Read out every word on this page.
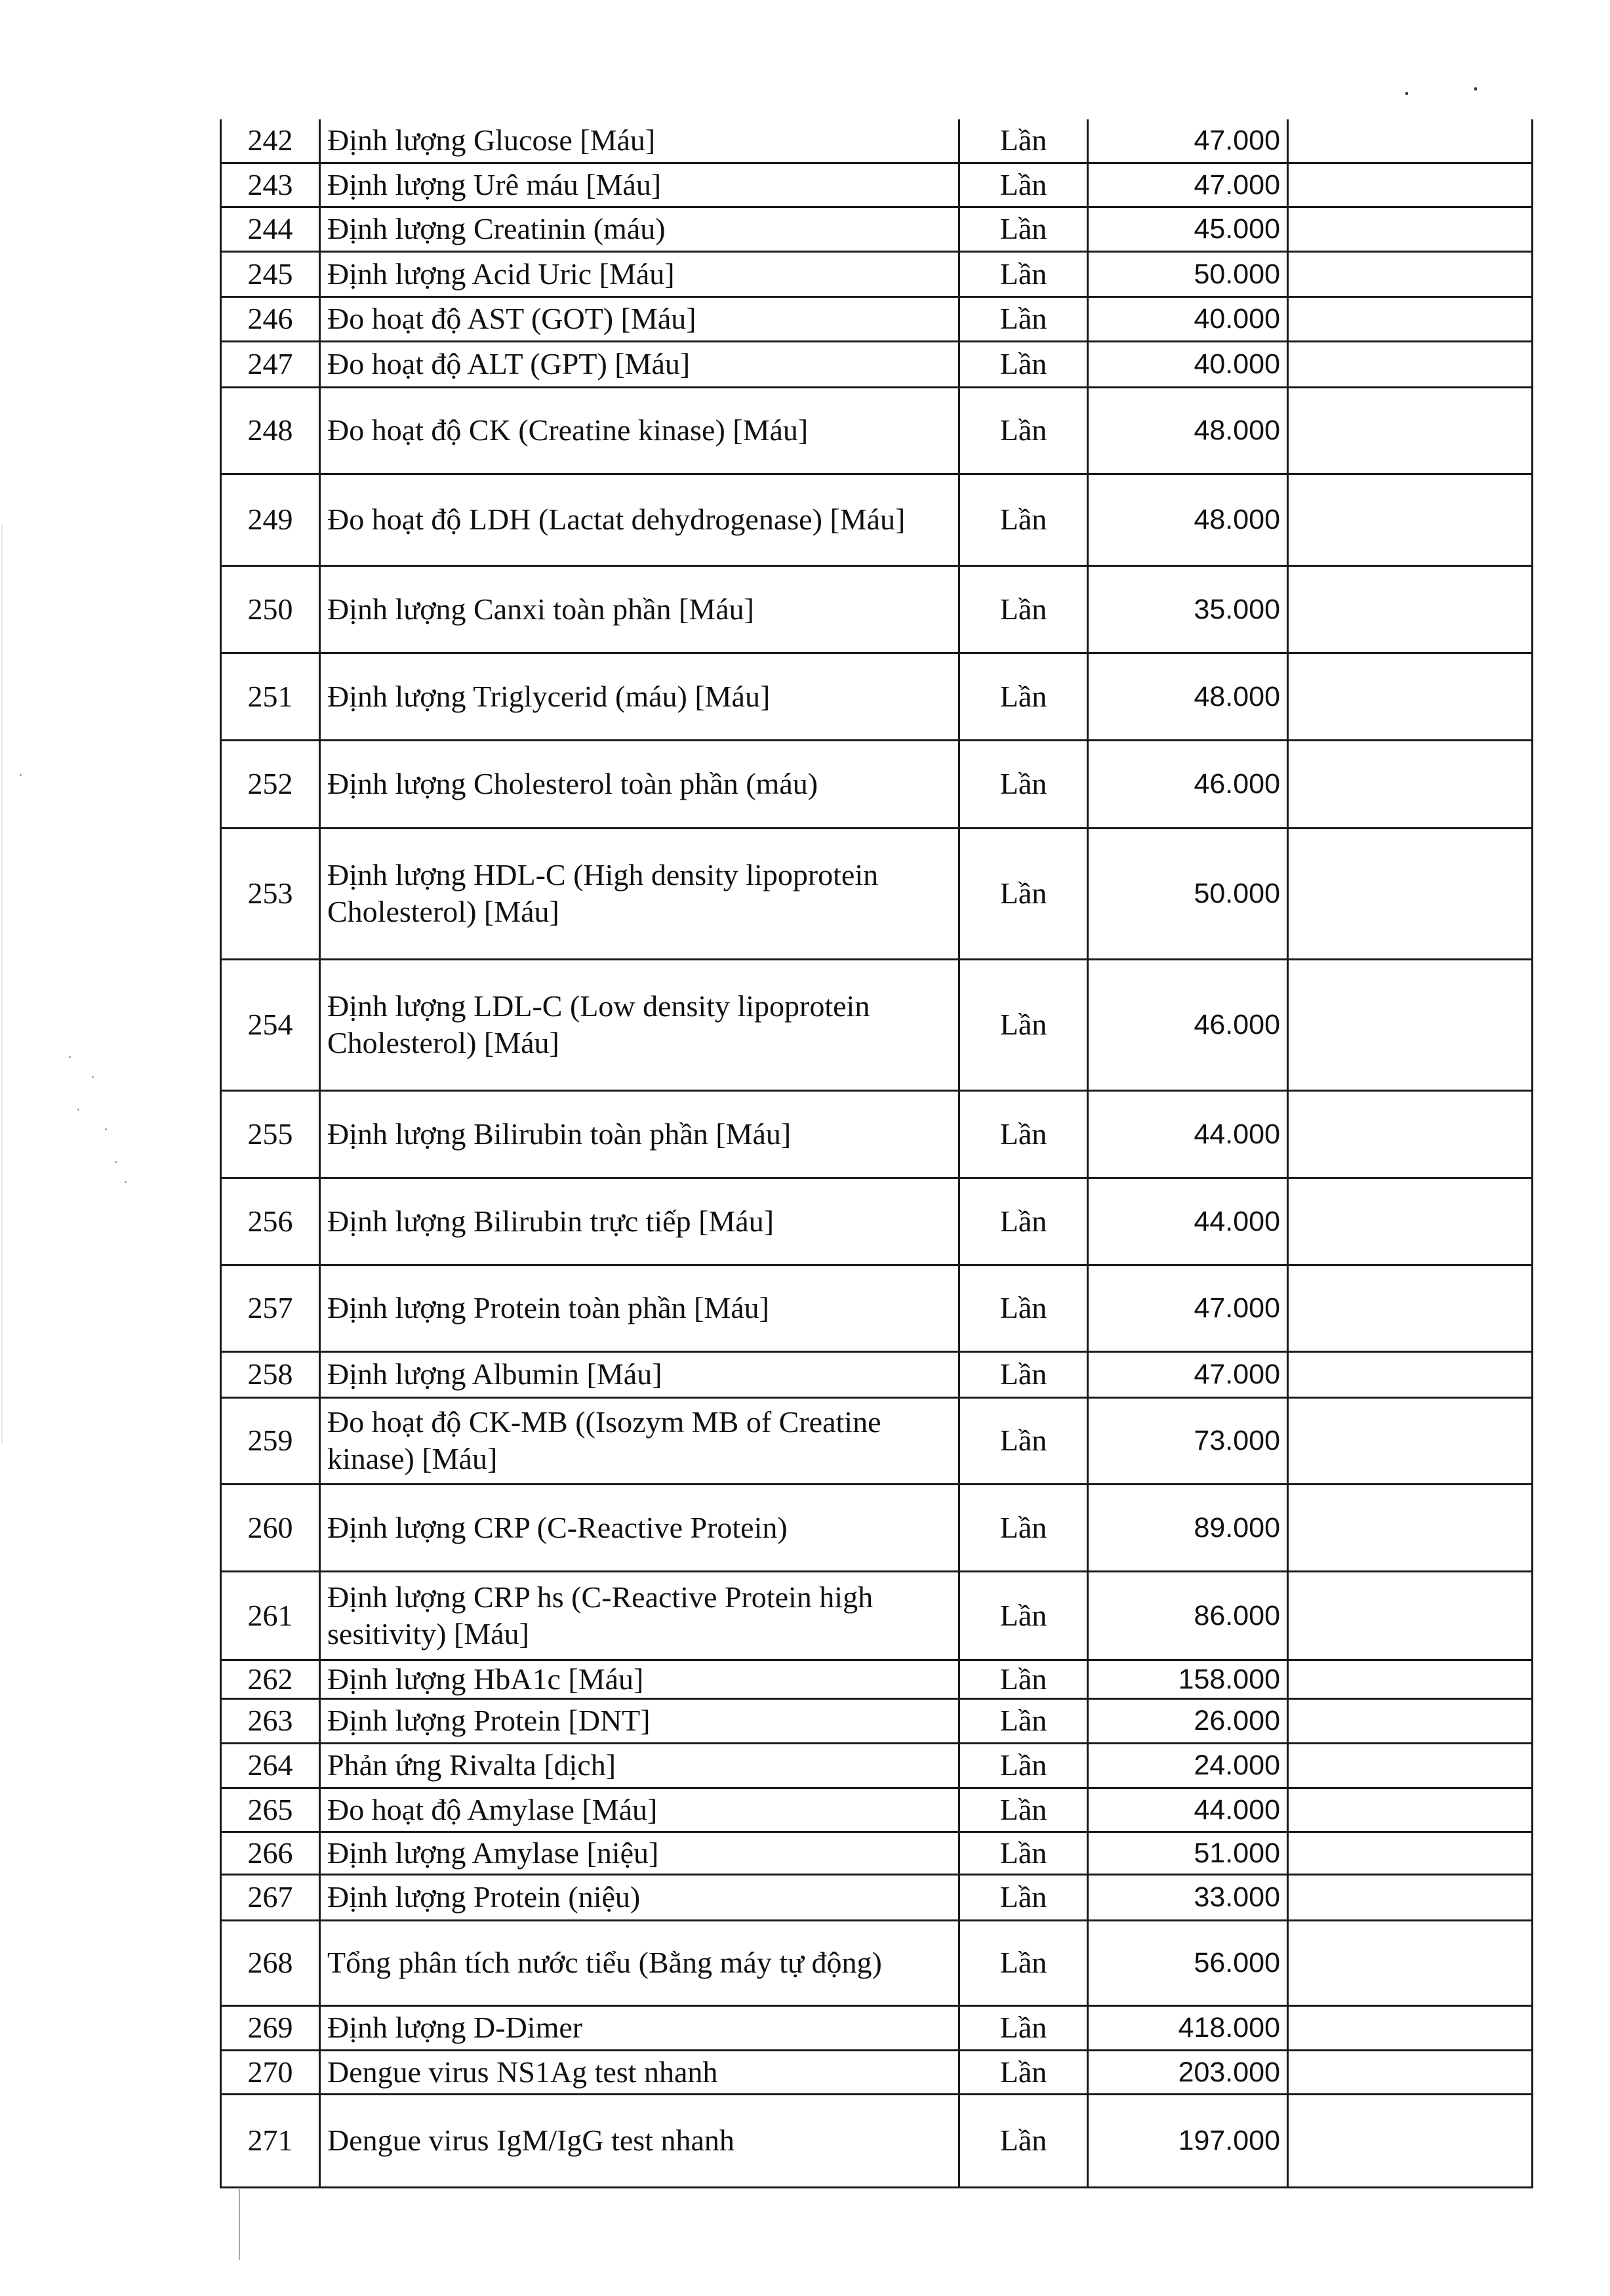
242	Định lượng Glucose [Máu]	Lần	47.000	
243	Định lượng Urê máu [Máu]	Lần	47.000	
244	Định lượng Creatinin (máu)	Lần	45.000	
245	Định lượng Acid Uric [Máu]	Lần	50.000	
246	Đo hoạt độ AST (GOT) [Máu]	Lần	40.000	
247	Đo hoạt độ ALT (GPT) [Máu]	Lần	40.000	
248	Đo hoạt độ CK (Creatine kinase) [Máu]	Lần	48.000	
249	Đo hoạt độ LDH (Lactat dehydrogenase) [Máu]	Lần	48.000	
250	Định lượng Canxi toàn phần [Máu]	Lần	35.000	
251	Định lượng Triglycerid (máu) [Máu]	Lần	48.000	
252	Định lượng Cholesterol toàn phần (máu)	Lần	46.000	
253	Định lượng HDL-C (High density lipoprotein Cholesterol) [Máu]	Lần	50.000	
254	Định lượng LDL-C (Low density lipoprotein Cholesterol) [Máu]	Lần	46.000	
255	Định lượng Bilirubin toàn phần [Máu]	Lần	44.000	
256	Định lượng Bilirubin trực tiếp [Máu]	Lần	44.000	
257	Định lượng Protein toàn phần [Máu]	Lần	47.000	
258	Định lượng Albumin [Máu]	Lần	47.000	
259	Đo hoạt độ CK-MB ((Isozym MB of Creatine kinase) [Máu]	Lần	73.000	
260	Định lượng CRP (C-Reactive Protein)	Lần	89.000	
261	Định lượng CRP hs (C-Reactive Protein high sesitivity) [Máu]	Lần	86.000	
262	Định lượng HbA1c [Máu]	Lần	158.000	
263	Định lượng Protein [DNT]	Lần	26.000	
264	Phản ứng Rivalta [dịch]	Lần	24.000	
265	Đo hoạt độ Amylase [Máu]	Lần	44.000	
266	Định lượng Amylase [niệu]	Lần	51.000	
267	Định lượng Protein (niệu)	Lần	33.000	
268	Tổng phân tích nước tiểu (Bằng máy tự động)	Lần	56.000	
269	Định lượng D-Dimer	Lần	418.000	
270	Dengue virus NS1Ag test nhanh	Lần	203.000	
271	Dengue virus IgM/IgG test nhanh	Lần	197.000	
